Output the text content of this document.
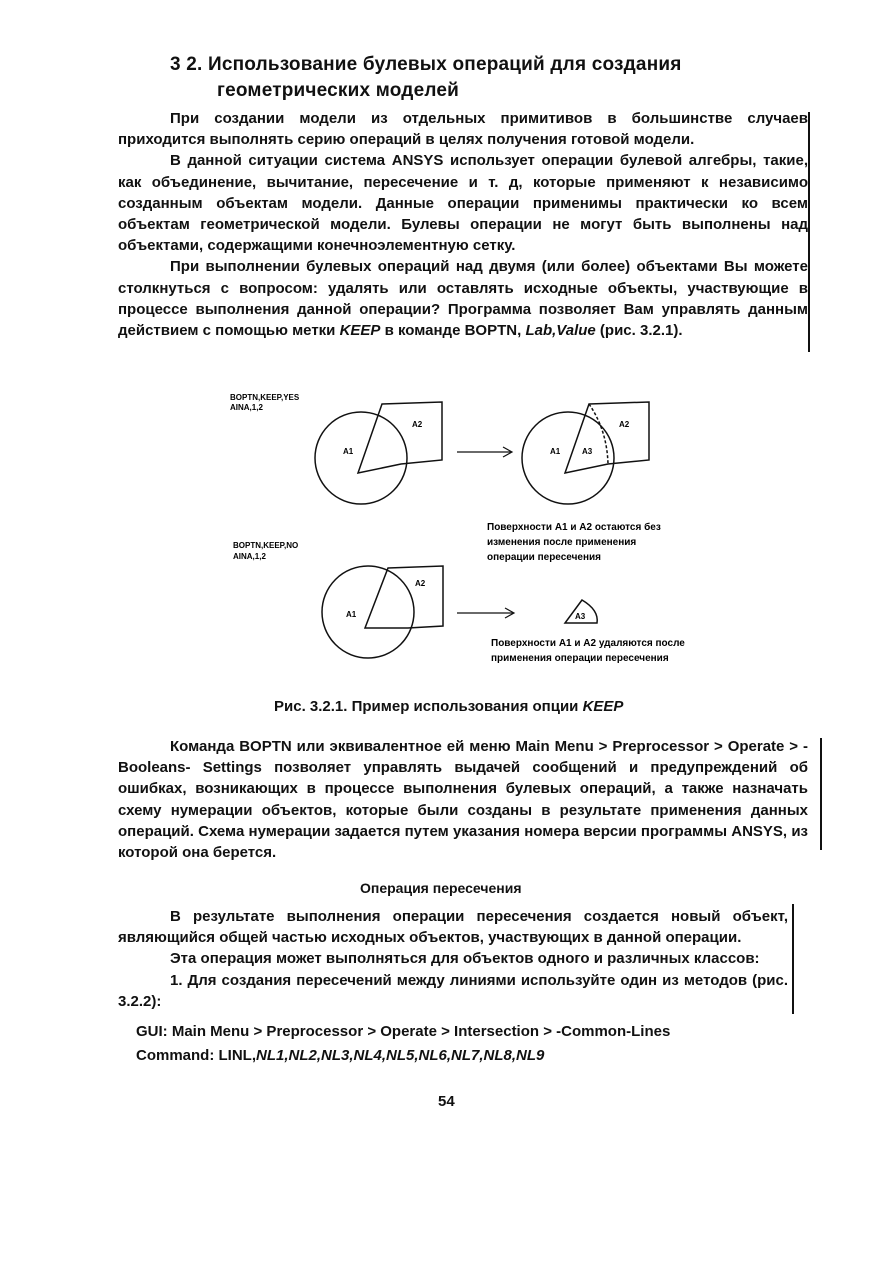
3 2. Использование булевых операций для создания
геометрических моделей

При создании модели из отдельных примитивов в большинстве случаев приходится выполнять серию операций в целях получения готовой модели.

В данной ситуации система ANSYS использует операции булевой алгебры, такие, как объединение, вычитание, пересечение и т. д, которые применяют к независимо созданным объектам модели. Данные операции применимы практически ко всем объектам геометрической модели. Булевы операции не могут быть выполнены над объектами, содержащими конечноэлементную сетку.

При выполнении булевых операций над двумя (или более) объектами Вы можете столкнуться с вопросом: удалять или оставлять исходные объекты, участвующие в процессе выполнения данной операции? Программа позволяет Вам управлять данным действием с помощью метки KEEP в команде BOPTN, Lab,Value (рис. 3.2.1).

BOPTN,KEEP,YES
AINA,1,2
A1
A2
A1
A2
A3
Поверхности A1 и A2 остаются без
изменения после применения
операции пересечения
BOPTN,KEEP,NO
AINA,1,2
A1
A2
A3
Поверхности A1 и A2 удаляются после
применения операции пересечения
Рис. 3.2.1. Пример использования опции KEEP

Команда BOPTN или эквивалентное ей меню Main Menu > Preprocessor > Operate > -Booleans- Settings позволяет управлять выдачей сообщений и предупреждений об ошибках, возникающих в процессе выполнения булевых операций, а также назначать схему нумерации объектов, которые были созданы в результате применения данных операций. Схема нумерации задается путем указания номера версии программы ANSYS, из которой она берется.

Операция пересечения

В результате выполнения операции пересечения создается новый объект, являющийся общей частью исходных объектов, участвующих в данной операции.

Эта операция может выполняться для объектов одного и различных классов:

1. Для создания пересечений между линиями используйте один из методов (рис. 3.2.2):

GUI: Main Menu > Preprocessor > Operate > Intersection > -Common-Lines
Command: LINL,NL1,NL2,NL3,NL4,NL5,NL6,NL7,NL8,NL9
54
